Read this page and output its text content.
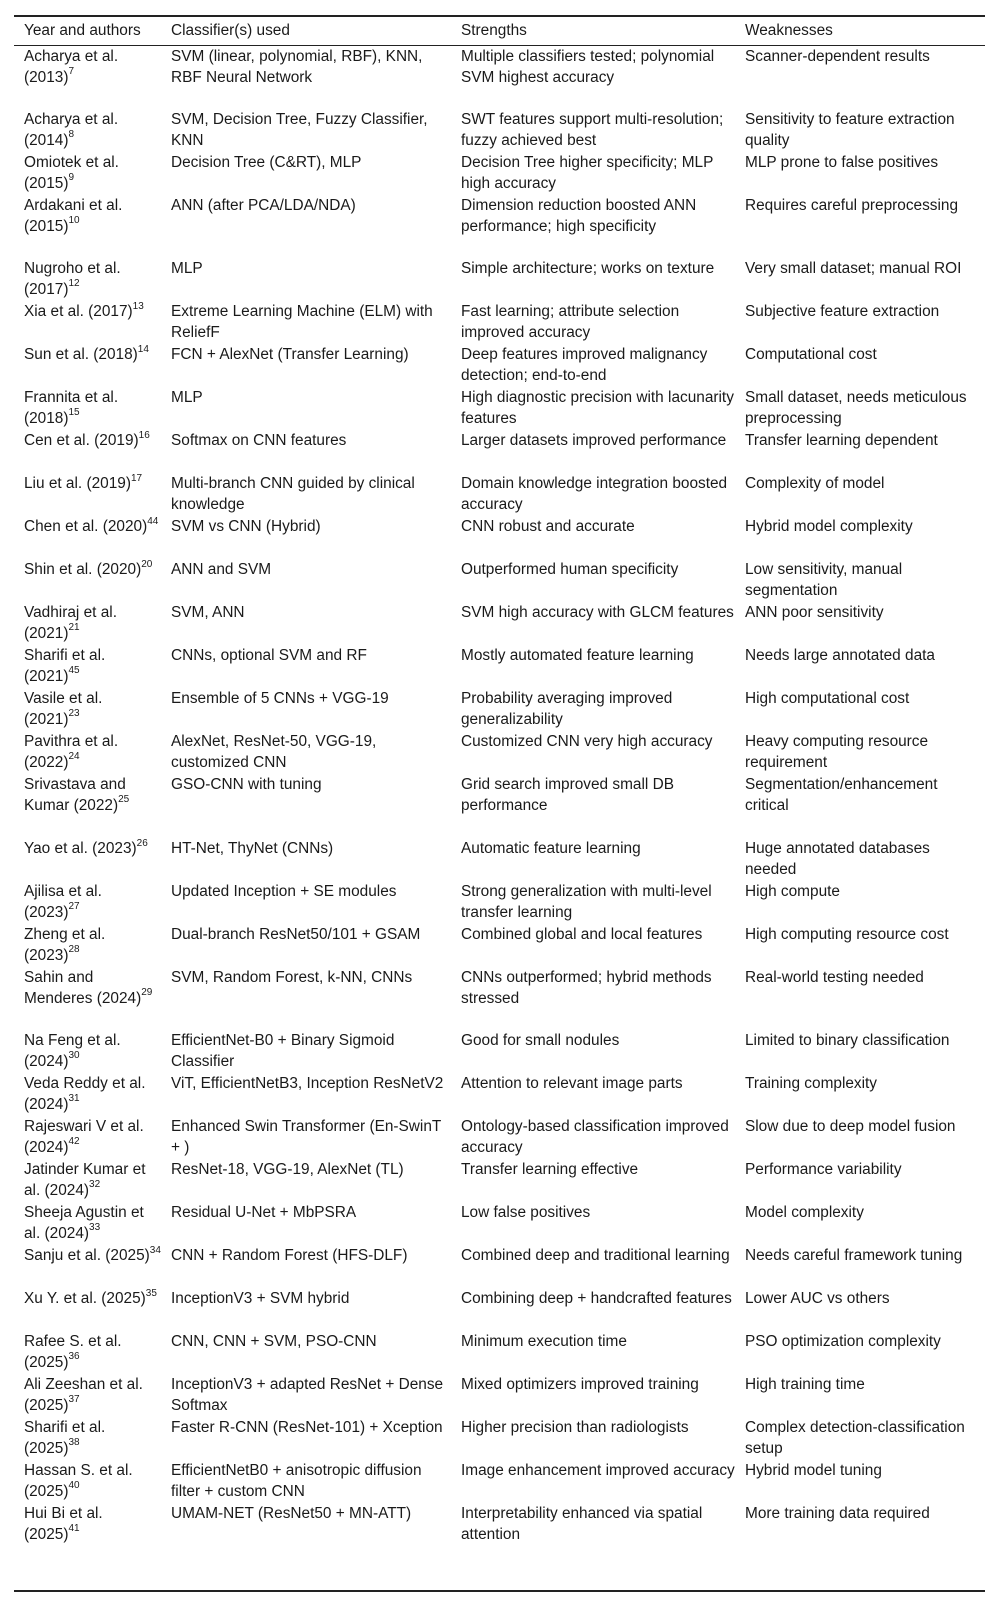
Year and authors	Classifier(s) used	Strengths	Weaknesses
Acharya et al. $(2013)^7$	SVM (linear, polynomial, RBF), KNN, RBF Neural Network	Multiple classifiers tested; polynomial SVM highest accuracy	Scanner-dependent results
Acharya et al. $(2014)^8$	SVM, Decision Tree, Fuzzy Classifier, KNN	SWT features support multi-resolution; fuzzy achieved best	Sensitivity to feature extraction quality
Omiotek et al. $(2015)^9$	Decision Tree (C&RT), MLP	Decision Tree higher specificity; MLP high accuracy	MLP prone to false positives
Ardakani et al. $(2015)^{10}$	ANN (after PCA/LDA/NDA)	Dimension reduction boosted ANN performance; high specificity	Requires careful preprocessing
Nugroho et al. $(2017)^{12}$	MLP	Simple architecture; works on texture	Very small dataset; manual ROI
Xia et al. $(2017)^{13}$	Extreme Learning Machine (ELM) with ReliefF	Fast learning; attribute selection improved accuracy	Subjective feature extraction
Sun et al. $(2018)^{14}$	FCN + AlexNet (Transfer Learning)	Deep features improved malignancy detection; end-to-end	Computational cost
Frannita et al. $(2018)^{15}$	MLP	High diagnostic precision with lacunarity features	Small dataset, needs meticulous preprocessing
Cen et al. $(2019)^{16}$	Softmax on CNN features	Larger datasets improved performance	Transfer learning dependent
Liu et al. $(2019)^{17}$	Multi-branch CNN guided by clinical knowledge	Domain knowledge integration boosted accuracy	Complexity of model
Chen et al. $(2020)^{44}$	SVM vs CNN (Hybrid)	CNN robust and accurate	Hybrid model complexity
Shin et al. $(2020)^{20}$	ANN and SVM	Outperformed human specificity	Low sensitivity, manual segmentation
Vadhiraj et al. $(2021)^{21}$	SVM, ANN	SVM high accuracy with GLCM features	ANN poor sensitivity
Sharifi et al. $(2021)^{45}$	CNNs, optional SVM and RF	Mostly automated feature learning	Needs large annotated data
Vasile et al. $(2021)^{23}$	Ensemble of 5 CNNs + VGG-19	Probability averaging improved generalizability	High computational cost
Pavithra et al. $(2022)^{24}$	AlexNet, ResNet-50, VGG-19, customized CNN	Customized CNN very high accuracy	Heavy computing resource requirement
Srivastava and Kumar $(2022)^{25}$	GSO-CNN with tuning	Grid search improved small DB performance	Segmentation/enhancement critical
Yao et al. $(2023)^{26}$	HT-Net, ThyNet (CNNs)	Automatic feature learning	Huge annotated databases needed
Ajilisa et al. $(2023)^{27}$	Updated Inception + SE modules	Strong generalization with multi-level transfer learning	High compute
Zheng et al. $(2023)^{28}$	Dual-branch ResNet50/101 + GSAM	Combined global and local features	High computing resource cost
Sahin and Menderes $(2024)^{29}$	SVM, Random Forest, k-NN, CNNs	CNNs outperformed; hybrid methods stressed	Real-world testing needed
Na Feng et al. $(2024)^{30}$	EfficientNet-B0 + Binary Sigmoid Classifier	Good for small nodules	Limited to binary classification
Veda Reddy et al. $(2024)^{31}$	ViT, EfficientNetB3, Inception ResNetV2	Attention to relevant image parts	Training complexity
Rajeswari V et al. $(2024)^{42}$	Enhanced Swin Transformer (En-SwinT + )	Ontology-based classification improved accuracy	Slow due to deep model fusion
Jatinder Kumar et al. $(2024)^{32}$	ResNet-18, VGG-19, AlexNet (TL)	Transfer learning effective	Performance variability
Sheeja Agustin et al. $(2024)^{33}$	Residual U-Net + MbPSRA	Low false positives	Model complexity
Sanju et al. $(2025)^{34}$	CNN + Random Forest (HFS-DLF)	Combined deep and traditional learning	Needs careful framework tuning
Xu Y. et al. $(2025)^{35}$	InceptionV3 + SVM hybrid	Combining deep + handcrafted features	Lower AUC vs others
Rafee S. et al. $(2025)^{36}$	CNN, CNN + SVM, PSO-CNN	Minimum execution time	PSO optimization complexity
Ali Zeeshan et al. $(2025)^{37}$	InceptionV3 + adapted ResNet + Dense Softmax	Mixed optimizers improved training	High training time
Sharifi et al. $(2025)^{38}$	Faster R-CNN (ResNet-101) + Xception	Higher precision than radiologists	Complex detection-classification setup
Hassan S. et al. $(2025)^{40}$	EfficientNetB0 + anisotropic diffusion filter + custom CNN	Image enhancement improved accuracy	Hybrid model tuning
Hui Bi et al. $(2025)^{41}$	UMAM-NET (ResNet50 + MN-ATT)	Interpretability enhanced via spatial attention	More training data required
